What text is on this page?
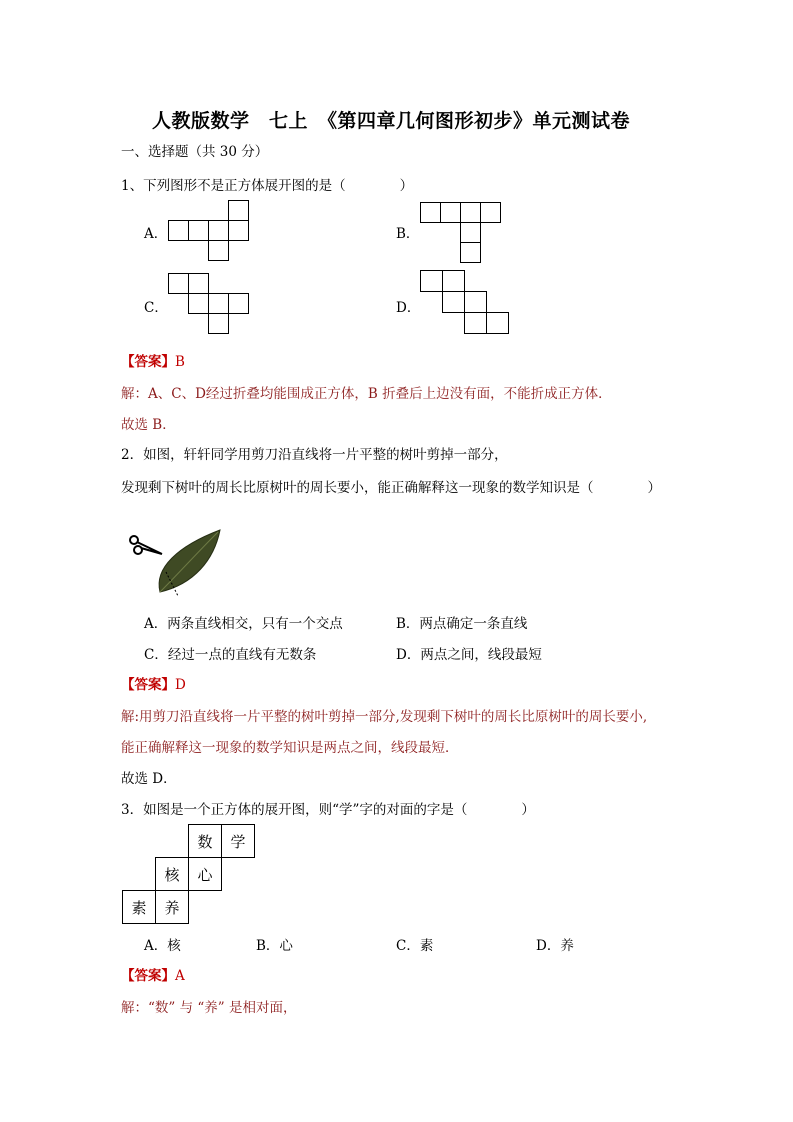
人教版数学　七上　《第四章几何图形初步》单元测试卷
一、选择题（共 30 分）
1、下列图形不是正方体展开图的是（　　　　）
A．	B．
C．	D．
【答案】B
解：A、C、D经过折叠均能围成正方体，B 折叠后上边没有面，不能折成正方体．
故选 B．
2．如图，轩轩同学用剪刀沿直线将一片平整的树叶剪掉一部分，
发现剩下树叶的周长比原树叶的周长要小，能正确解释这一现象的数学知识是（　　　　）
A．两条直线相交，只有一个交点	B．两点确定一条直线
C．经过一点的直线有无数条	D．两点之间，线段最短
【答案】D
解:用剪刀沿直线将一片平整的树叶剪掉一部分,发现剩下树叶的周长比原树叶的周长要小,
能正确解释这一现象的数学知识是两点之间，线段最短．
故选 D．
3．如图是一个正方体的展开图，则“学”字的对面的字是（　　　　）
数	学
核	心
素	养
A．核	B．心	C．素	D．养
【答案】A
解：“数” 与 “养” 是相对面，
